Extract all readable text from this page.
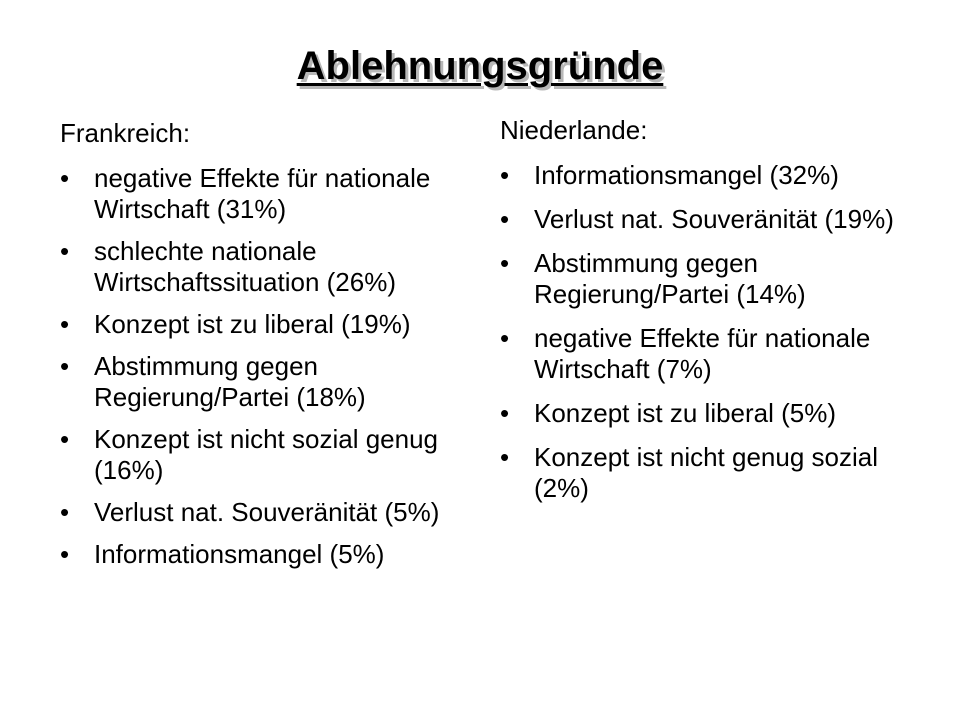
Ablehnungsgründe
Frankreich:
• negative Effekte für nationale Wirtschaft (31%)
• schlechte nationale Wirtschaftssituation (26%)
• Konzept ist zu liberal (19%)
• Abstimmung gegen Regierung/Partei (18%)
• Konzept ist nicht sozial genug (16%)
• Verlust nat. Souveränität (5%)
• Informationsmangel (5%)
Niederlande:
• Informationsmangel (32%)
• Verlust nat. Souveränität (19%)
• Abstimmung gegen Regierung/Partei (14%)
• negative Effekte für nationale Wirtschaft (7%)
• Konzept ist zu liberal (5%)
• Konzept ist nicht genug sozial (2%)
